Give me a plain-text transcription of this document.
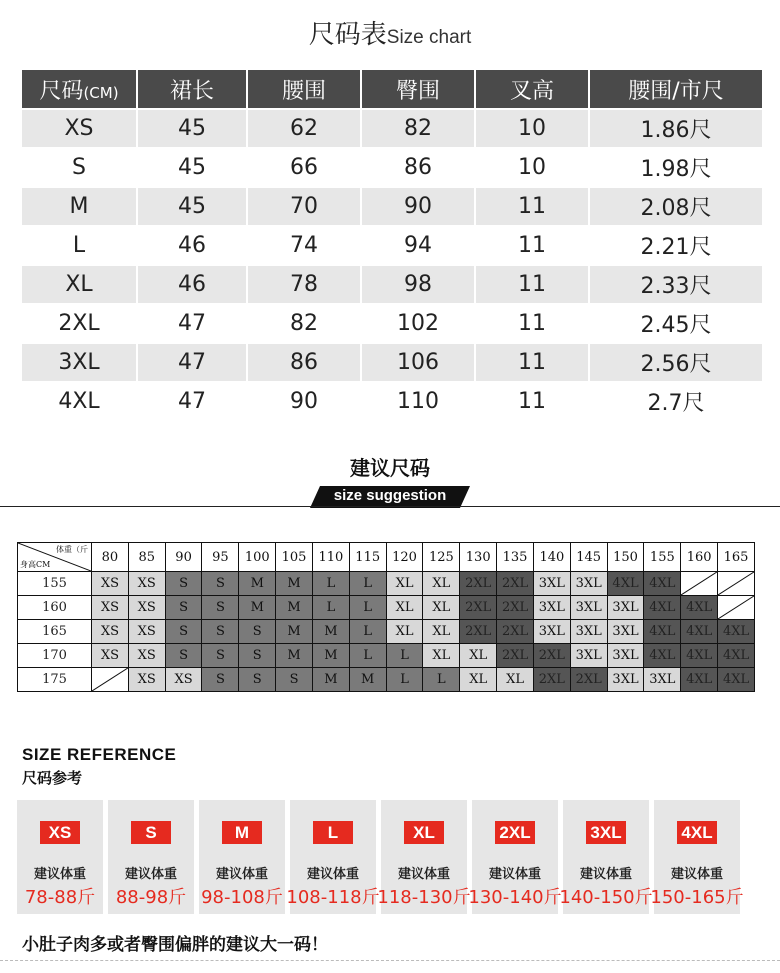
尺码表Size chart
尺码(CM)	裙长	腰围	臀围	叉高	腰围/市尺
XS	45	62	82	10	1.86尺
S	45	66	86	10	1.98尺
M	45	70	90	11	2.08尺
L	46	74	94	11	2.21尺
XL	46	78	98	11	2.33尺
2XL	47	82	102	11	2.45尺
3XL	47	86	106	11	2.56尺
4XL	47	90	110	11	2.7尺
建议尺码
size suggestion
体重（斤
身高CM	80	85	90	95	100	105	110	115	120	125	130	135	140	145	150	155	160	165
155	XS	XS	S	S	M	M	L	L	XL	XL	2XL	2XL	3XL	3XL	4XL	4XL	

160	XS	XS	S	S	M	M	L	L	XL	XL	2XL	2XL	3XL	3XL	3XL	4XL	4XL	

165	XS	XS	S	S	S	M	M	L	XL	XL	2XL	2XL	3XL	3XL	3XL	4XL	4XL	4XL
170	XS	XS	S	S	S	M	M	L	L	XL	XL	2XL	2XL	3XL	3XL	4XL	4XL	4XL
175		XS	XS	S	S	S	M	M	L	L	XL	XL	2XL	2XL	3XL	3XL	4XL	4XL
SIZE REFERENCE
尺码参考
XS
建议体重
78-88斤
S
建议体重
88-98斤
M
建议体重
98-108斤
L
建议体重
108-118斤
XL
建议体重
118-130斤
2XL
建议体重
130-140斤
3XL
建议体重
140-150斤
4XL
建议体重
150-165斤
小肚子肉多或者臀围偏胖的建议大一码！
